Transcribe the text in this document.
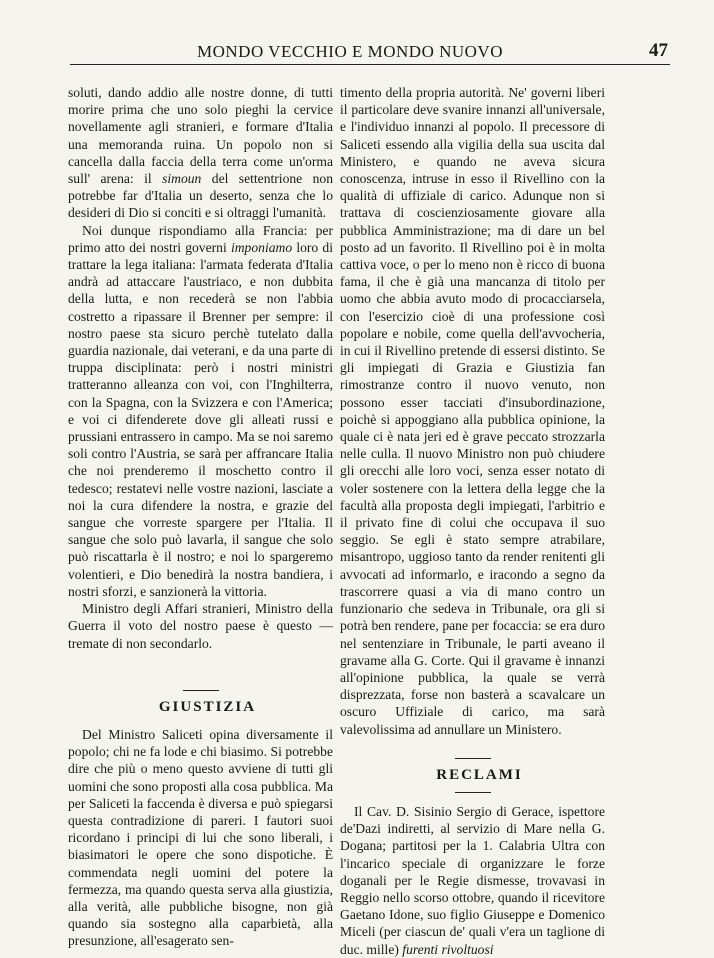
MONDO VECCHIO E MONDO NUOVO	47

soluti, dando addio alle nostre donne, di tutti morire prima che uno solo pieghi la cervice novellamente agli stranieri, e formare d'Italia una memoranda ruina. Un popolo non si cancella dalla faccia della terra come un'orma sull' arena: il simoun del settentrione non potrebbe far d'Italia un deserto, senza che lo desideri di Dio si conciti e si oltraggi l'umanità.

Noi dunque rispondiamo alla Francia: per primo atto dei nostri governi imponiamo loro di trattare la lega italiana: l'armata federata d'Italia andrà ad attaccare l'austriaco, e non dubbita della lutta, e non recederà se non l'abbia costretto a ripassare il Brenner per sempre: il nostro paese sta sicuro perchè tutelato dalla guardia nazionale, dai veterani, e da una parte di truppa disciplinata: però i nostri ministri tratteranno alleanza con voi, con l'Inghilterra, con la Spagna, con la Svizzera e con l'America; e voi ci difenderete dove gli alleati russi e prussiani entrassero in campo. Ma se noi saremo soli contro l'Austria, se sarà per affrancare Italia che noi prenderemo il moschetto contro il tedesco; restatevi nelle vostre nazioni, lasciate a noi la cura difendere la nostra, e grazie del sangue che vorreste spargere per l'Italia. Il sangue che solo può lavarla, il sangue che solo può riscattarla è il nostro; e noi lo spargeremo volentieri, e Dio benedirà la nostra bandiera, i nostri sforzi, e sanzionerà la vittoria.

Ministro degli Affari stranieri, Ministro della Guerra il voto del nostro paese è questo — tremate di non secondarlo.

GIUSTIZIA

Del Ministro Saliceti opina diversamente il popolo; chi ne fa lode e chi biasimo. Si potrebbe dire che più o meno questo avviene di tutti gli uomini che sono proposti alla cosa pubblica. Ma per Saliceti la faccenda è diversa e può spiegarsi questa contradizione di pareri. I fautori suoi ricordano i principi di lui che sono liberali, i biasimatori le opere che sono dispotiche. È commendata negli uomini del potere la fermezza, ma quando questa serva alla giustizia, alla verità, alle pubbliche bisogne, non già quando sia sostegno alla caparbietà, alla presunzione, all'esagerato sen-

timento della propria autorità. Ne' governi liberi il particolare deve svanire innanzi all'universale, e l'individuo innanzi al popolo. Il precessore di Saliceti essendo alla vigilia della sua uscita dal Ministero, e quando ne aveva sicura conoscenza, intruse in esso il Rivellino con la qualità di uffiziale di carico. Adunque non si trattava di coscienziosamente giovare alla pubblica Amministrazione; ma di dare un bel posto ad un favorito. Il Rivellino poi è in molta cattiva voce, o per lo meno non è ricco di buona fama, il che è già una mancanza di titolo per uomo che abbia avuto modo di procacciarsela, con l'esercizio cioè di una professione così popolare e nobile, come quella dell'avvocheria, in cui il Rivellino pretende di essersi distinto. Se gli impiegati di Grazia e Giustizia fan rimostranze contro il nuovo venuto, non possono esser tacciati d'insubordinazione, poichè si appoggiano alla pubblica opinione, la quale ci è nata jeri ed è grave peccato strozzarla nelle culla. Il nuovo Ministro non può chiudere gli orecchi alle loro voci, senza esser notato di voler sostenere con la lettera della legge che la facultà alla proposta degli impiegati, l'arbitrio e il privato fine di colui che occupava il suo seggio. Se egli è stato sempre atrabilare, misantropo, uggioso tanto da render renitenti gli avvocati ad informarlo, e iracondo a segno da trascorrere quasi a via di mano contro un funzionario che sedeva in Tribunale, ora gli si potrà ben rendere, pane per focaccia: se era duro nel sentenziare in Tribunale, le parti aveano il gravame alla G. Corte. Qui il gravame è innanzi all'opinione pubblica, la quale se verrà disprezzata, forse non basterà a scavalcare un oscuro Uffiziale di carico, ma sarà valevolissima ad annullare un Ministero.

RECLAMI

Il Cav. D. Sisinio Sergio di Gerace, ispettore de'Dazi indiretti, al servizio di Mare nella G. Dogana; partitosi per la 1. Calabria Ultra con l'incarico speciale di organizzare le forze doganali per le Regie dismesse, trovavasi in Reggio nello scorso ottobre, quando il ricevitore Gaetano Idone, suo figlio Giuseppe e Domenico Miceli (per ciascun de' quali v'era un taglione di duc. mille) furenti rivoltuosi
